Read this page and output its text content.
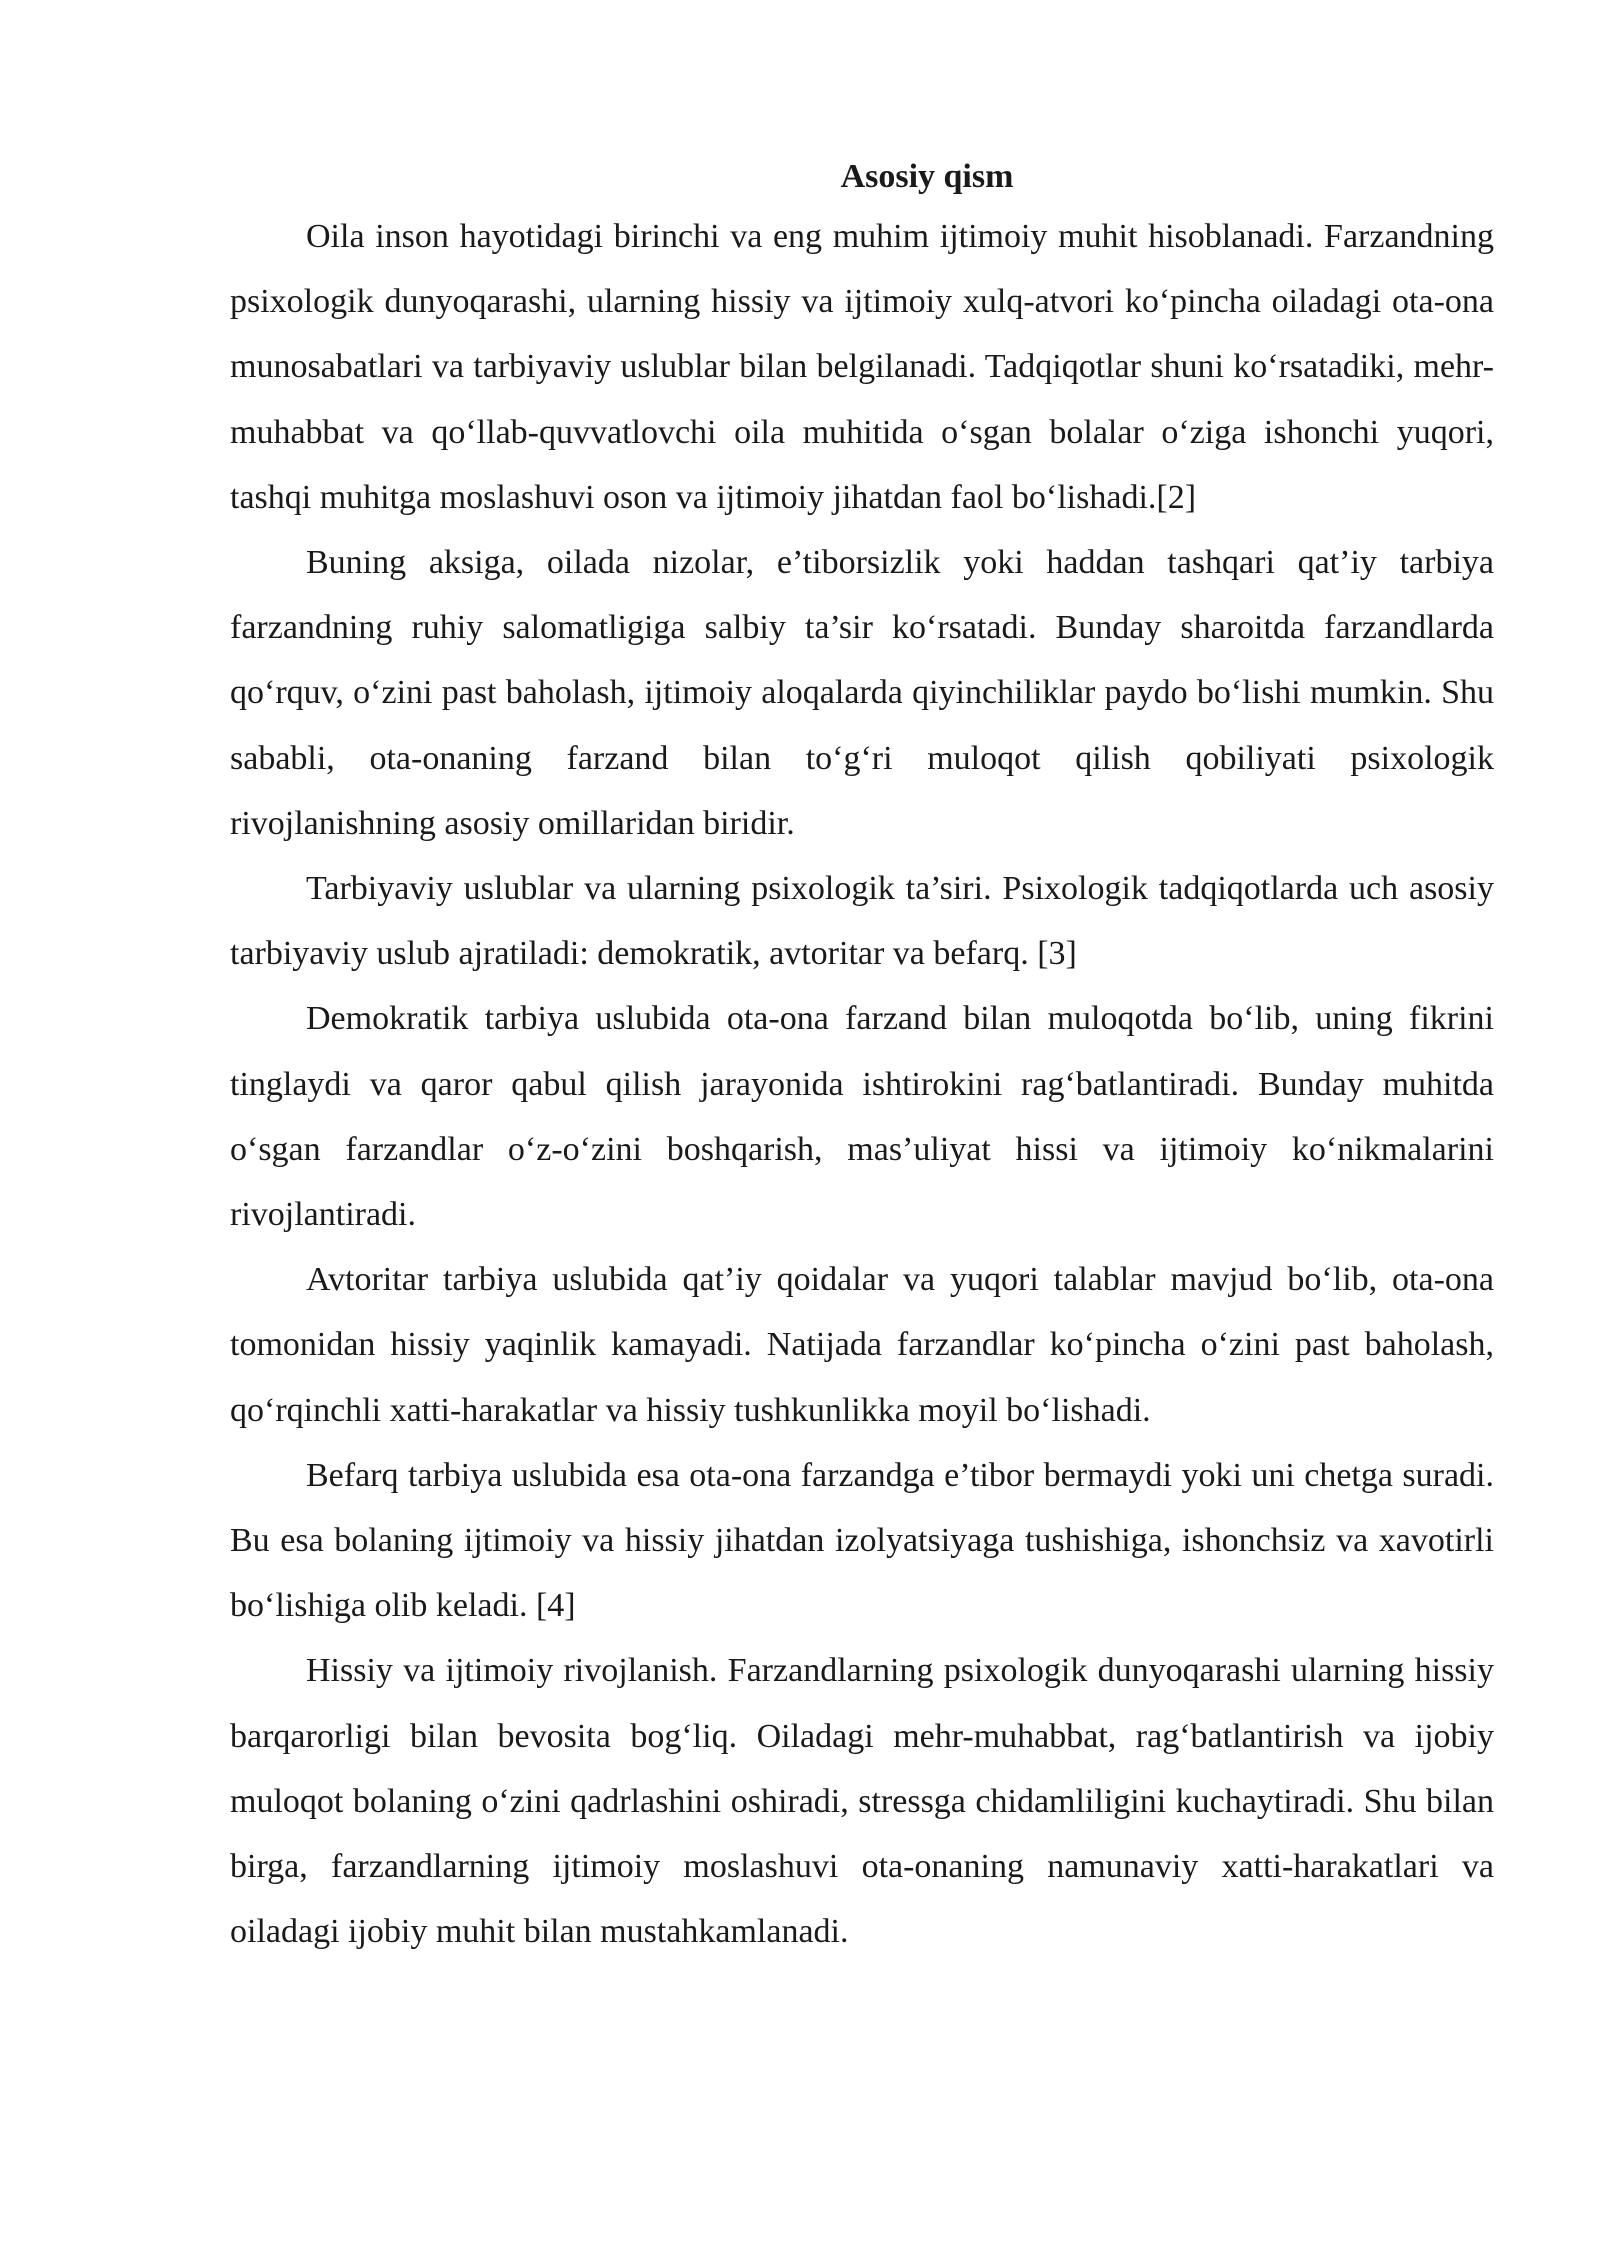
Asosiy qism

Oila inson hayotidagi birinchi va eng muhim ijtimoiy muhit hisoblanadi. Farzandning psixologik dunyoqarashi, ularning hissiy va ijtimoiy xulq-atvori ko‘pincha oiladagi ota-ona munosabatlari va tarbiyaviy uslublar bilan belgilanadi. Tadqiqotlar shuni ko‘rsatadiki, mehr-muhabbat va qo‘llab-quvvatlovchi oila muhitida o‘sgan bolalar o‘ziga ishonchi yuqori, tashqi muhitga moslashuvi oson va ijtimoiy jihatdan faol bo‘lishadi.[2]

Buning aksiga, oilada nizolar, e’tiborsizlik yoki haddan tashqari qat’iy tarbiya farzandning ruhiy salomatligiga salbiy ta’sir ko‘rsatadi. Bunday sharoitda farzandlarda qo‘rquv, o‘zini past baholash, ijtimoiy aloqalarda qiyinchiliklar paydo bo‘lishi mumkin. Shu sababli, ota-onaning farzand bilan to‘g‘ri muloqot qilish qobiliyati psixologik rivojlanishning asosiy omillaridan biridir.

Tarbiyaviy uslublar va ularning psixologik ta’siri. Psixologik tadqiqotlarda uch asosiy tarbiyaviy uslub ajratiladi: demokratik, avtoritar va befarq. [3]

Demokratik tarbiya uslubida ota-ona farzand bilan muloqotda bo‘lib, uning fikrini tinglaydi va qaror qabul qilish jarayonida ishtirokini rag‘batlantiradi. Bunday muhitda o‘sgan farzandlar o‘z-o‘zini boshqarish, mas’uliyat hissi va ijtimoiy ko‘nikmalarini rivojlantiradi.

Avtoritar tarbiya uslubida qat’iy qoidalar va yuqori talablar mavjud bo‘lib, ota-ona tomonidan hissiy yaqinlik kamayadi. Natijada farzandlar ko‘pincha o‘zini past baholash, qo‘rqinchli xatti-harakatlar va hissiy tushkunlikka moyil bo‘lishadi.

Befarq tarbiya uslubida esa ota-ona farzandga e’tibor bermaydi yoki uni chetga suradi. Bu esa bolaning ijtimoiy va hissiy jihatdan izolyatsiyaga tushishiga, ishonchsiz va xavotirli bo‘lishiga olib keladi. [4]

Hissiy va ijtimoiy rivojlanish. Farzandlarning psixologik dunyoqarashi ularning hissiy barqarorligi bilan bevosita bog‘liq. Oiladagi mehr-muhabbat, rag‘batlantirish va ijobiy muloqot bolaning o‘zini qadrlashini oshiradi, stressga chidamliligini kuchaytiradi. Shu bilan birga, farzandlarning ijtimoiy moslashuvi ota-onaning namunaviy xatti-harakatlari va oiladagi ijobiy muhit bilan mustahkamlanadi.
